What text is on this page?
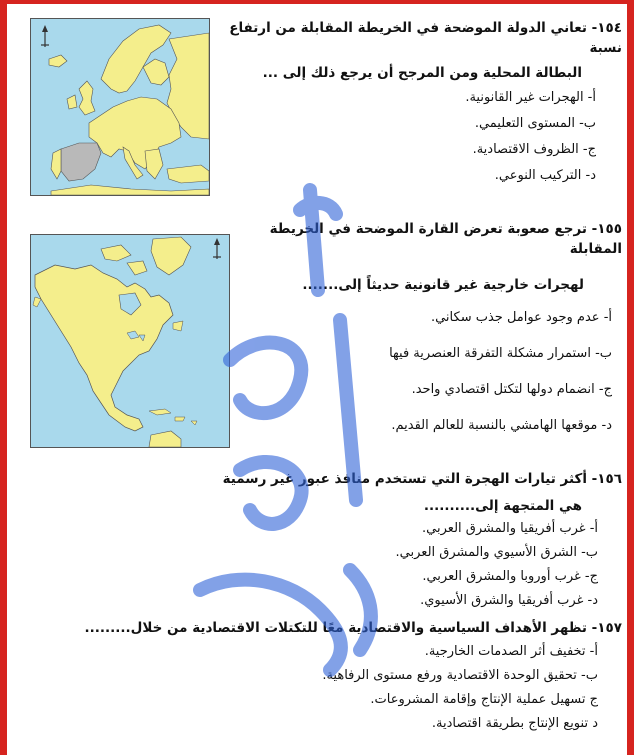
١٥٤- تعاني الدولة الموضحة في الخريطة المقابلة من ارتفاع نسبة
البطالة المحلية ومن المرجح أن يرجع ذلك إلى ...
أ- الهجرات غير القانونية.
ب- المستوى التعليمي.
ج- الظروف الاقتصادية.
د- التركيب النوعي.
١٥٥- ترجع صعوبة تعرض القارة الموضحة في الخريطة المقابلة
لهجرات خارجية غير قانونية حديثاً إلى.......
أ- عدم وجود عوامل جذب سكاني.
ب- استمرار مشكلة التفرقة العنصرية فيها
ج- انضمام دولها لتكتل اقتصادي واحد.
د- موقعها الهامشي بالنسبة للعالم القديم.
١٥٦- أكثر تيارات الهجرة التي تستخدم منافذ عبور غير رسمية
هي المتجهة إلى..........
أ- غرب أفريقيا والمشرق العربي.
ب- الشرق الأسيوي والمشرق العربي.
ج- غرب أوروبا والمشرق العربي.
د- غرب أفريقيا والشرق الأسيوي.
١٥٧- تظهر الأهداف السياسية والاقتصادية معًا للتكتلات الاقتصادية من خلال.........
أ- تخفيف أثر الصدمات الخارجية.
ب- تحقيق الوحدة الاقتصادية ورفع مستوى الرفاهية.
ج تسهيل عملية الإنتاج وإقامة المشروعات.
د تنويع الإنتاج بطريقة اقتصادية.
